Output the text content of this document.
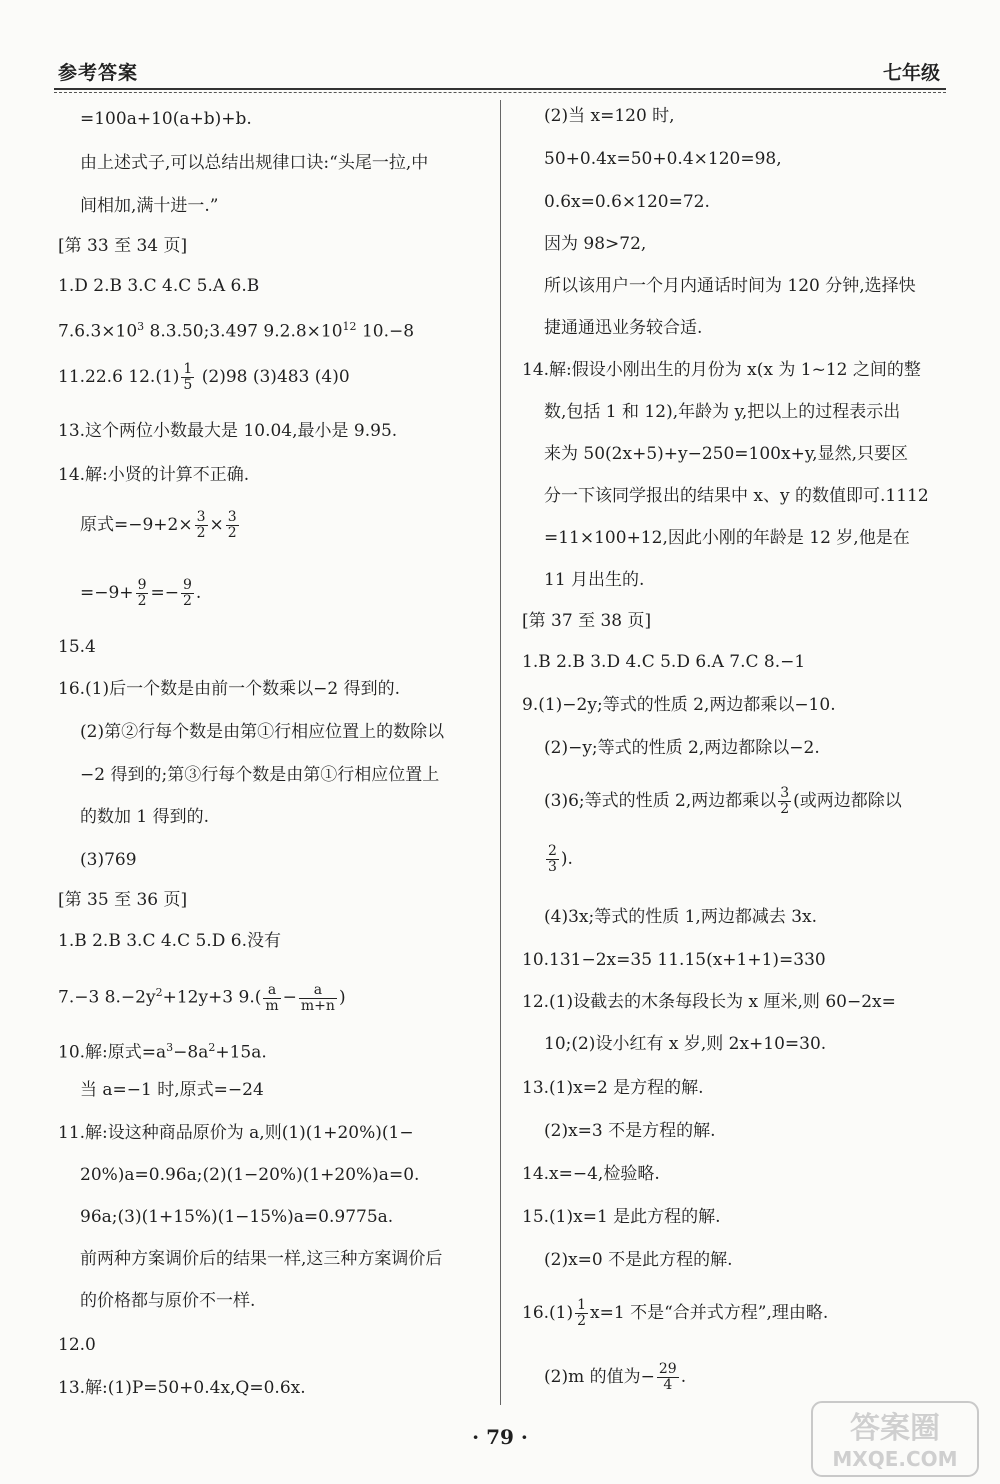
参考答案	七年级
=100a+10(a+b)+b.
由上述式子,可以总结出规律口诀:“头尾一拉,中
间相加,满十进一.”
[第 33 至 34 页]
1.D 2.B 3.C 4.C 5.A 6.B
$7.6.3\times 10^3$ 8.3.50;3.497 $9.2.8\times 10^{12}$ 10.−8
11.22.6 $12.(1) \frac{1}{5} (2)98$ (3)483 (4)0
13.这个两位小数最大是 10.04,最小是 9.95.
14.解:小贤的计算不正确.
原式$=-9+2\times \frac{3}{2} \times \frac{3}{2}$
$=-9+ \frac{9}{2} =- \frac{9}{2}$ .
15.4
16.(1)后一个数是由前一个数乘以−2 得到的.
(2)第②行每个数是由第①行相应位置上的数除以
−2 得到的;第③行每个数是由第①行相应位置上
的数加 1 得到的.
(3)769
[第 35 至 36 页]
1.B 2.B 3.C 4.C 5.D 6.没有
7.−3 $8.-2y^2+12y+3$ $9.( \frac{a}{m} - \frac{a}{m+n}$ )
10.解:原式$=a^3-8a^2+15a$.
当 a=−1 时,原式=−24
11.解:设这种商品原价为 a,则(1)(1+20%)(1−
20%)a=0.96a;(2)(1−20%)(1+20%)a=0.
96a;(3)(1+15%)(1−15%)a=0.9775a.
前两种方案调价后的结果一样,这三种方案调价后
的价格都与原价不一样.
12.0
13.解:(1)P=50+0.4x,Q=0.6x.
(2)当 x=120 时,
50+0.4x=50+0.4×120=98,
0.6x=0.6×120=72.
因为 98>72,
所以该用户一个月内通话时间为 120 分钟,选择快
捷通通迅业务较合适.
14.解:假设小刚出生的月份为 x(x 为 1~12 之间的整
数,包括 1 和 12),年龄为 y,把以上的过程表示出
来为 50(2x+5)+y−250=100x+y,显然,只要区
分一下该同学报出的结果中 x、y 的数值即可.1112
=11×100+12,因此小刚的年龄是 12 岁,他是在
11 月出生的.
[第 37 至 38 页]
1.B 2.B 3.D 4.C 5.D 6.A 7.C 8.−1
9.(1)−2y;等式的性质 2,两边都乘以−10.
(2)−y;等式的性质 2,两边都除以−2.
(3)6;等式的性质 2,两边都乘以 $\frac{3}{2}$ (或两边都除以
$\frac{2}{3}$ ).
(4)3x;等式的性质 1,两边都减去 3x.
10.131−2x=35 11.15(x+1+1)=330
12.(1)设截去的木条每段长为 x 厘米,则 60−2x=
10;(2)设小红有 x 岁,则 2x+10=30.
13.(1)x=2 是方程的解.
(2)x=3 不是方程的解.
14.x=−4,检验略.
15.(1)x=1 是此方程的解.
(2)x=0 不是此方程的解.
$16.(1) \frac{1}{2} x=1$ 不是“合并式方程”,理由略.
(2)m 的值为− $\frac{29}{4}$ .
· 79 ·	答案圈
MXQE.COM
